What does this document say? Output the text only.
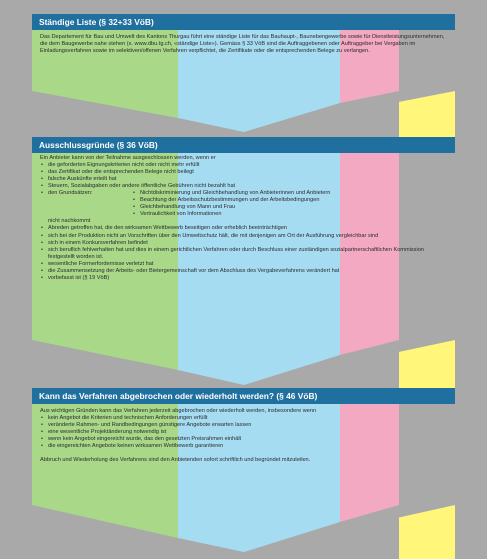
Ständige Liste (§ 32+33 VöB)

Das Departement für Bau und Umwelt des Kantons Thurgau führt eine ständige Liste für das Bauhaupt-, Baunebengewerbe sowie für Dienstleistungsunternehmen, die dem Baugewerbe nahe stehen (s. www.dbu.tg.ch, «ständige Liste»). Gemäss § 33 VöB sind die Auftraggebenen oder Auftraggeber bei Vergaben im Einladungsverfahren sowie im selektiven/offenen Verfahren verpflichtet, die Zertifikate oder die entsprechenden Belege zu verlangen.

Ausschlussgründe (§ 36 VöB)

Ein Anbieter kann von der Teilnahme ausgeschlossen werden, wenn er

• die geforderten Eignungskriterien nicht oder nicht mehr erfüllt
• das Zertifikat oder die entsprechenden Belege nicht beilegt
• falsche Auskünfte erteilt hat
• Steuern, Sozialabgaben oder andere öffentliche Gebühren nicht bezahlt hat
• den Grundsätzen:
•	Nichtdiskriminierung und Gleichbehandlung von Anbieterinnen und Anbietern
• Beachtung der Arbeitsschutzbestimmungen und der Arbeitsbedingungen
• Gleichbehandlung von Mann und Frau
• Vertraulichkeit von Informationen

nicht nachkommt

• Abreden getroffen hat, die den wirksamen Wettbewerb beseitigen oder erheblich beeinträchtigen
• sich bei der Produktion nicht an Vorschriften über den Umweltschutz hält, die mit denjenigen am Ort der Ausführung vergleichbar sind
• sich in einem Konkursverfahren befindet
• sich beruflich fehlverhalten hat und dies in einem gerichtlichen Verfahren oder durch Beschluss einer zuständigen sozialpartnerschaftlichen Kommission festgestellt worden ist.
• wesentliche Formerfordernisse verletzt hat
• die Zusammensetzung der Arbeits- oder Bietergemeinschaft vor dem Abschluss des Vergabeverfahrens verändert hat
• vorbefasst ist (§ 19 VöB)
Kann das Verfahren abgebrochen oder wiederholt werden? (§ 46 VöB)

Aus wichtigen Gründen kann das Verfahren jederzeit abgebrochen oder wiederholt werden, insbesondere wenn

• kein Angebot die Kriterien und technischen Anforderungen erfüllt
• veränderte Rahmen- und Randbedingungen günstigere Angebote erwarten lassen
• eine wesentliche Projektänderung notwendig ist
• wenn kein Angebot eingereicht wurde, das den gesetzten Preisrahmen einhält
• die eingereichten Angebote keinen wirksamen Wettbewerb garantieren

Abbruch und Wiederholung des Verfahrens sind den Anbietenden sofort schriftlich und begründet mitzuteilen.
